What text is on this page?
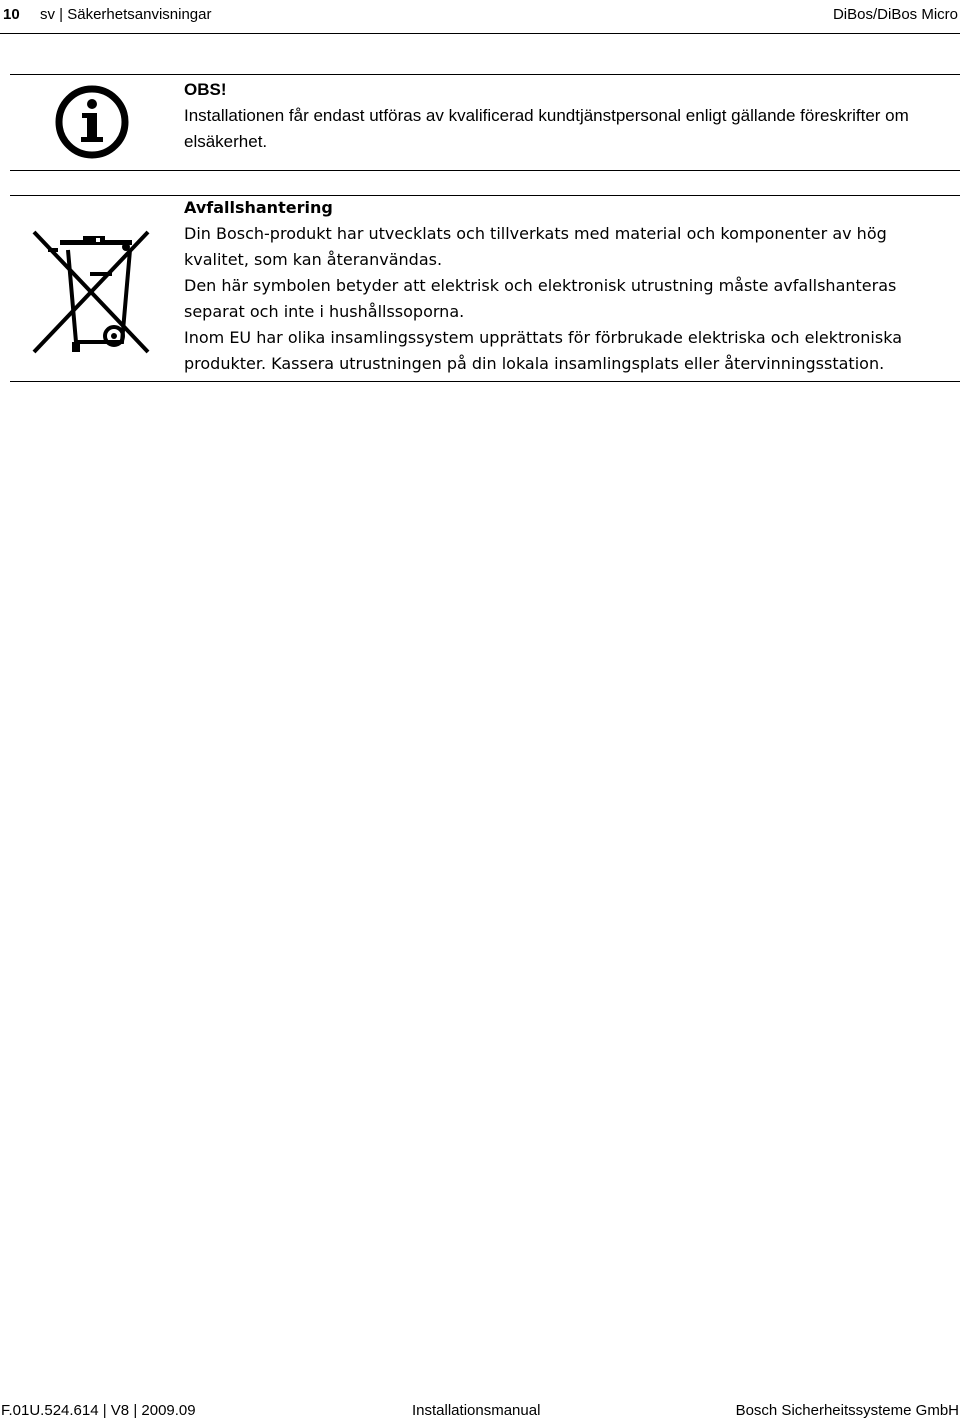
10 sv | Säkerhetsanvisningar	DiBos/DiBos Micro
OBS!
Installationen får endast utföras av kvalificerad kundtjänstpersonal enligt gällande föreskrifter om elsäkerhet.

Avfallshantering

Din Bosch-produkt har utvecklats och tillverkats med material och komponenter av hög kvalitet, som kan återanvändas.

Den här symbolen betyder att elektrisk och elektronisk utrustning måste avfallshanteras separat och inte i hushållssoporna.

Inom EU har olika insamlingssystem upprättats för förbrukade elektriska och elektroniska produkter. Kassera utrustningen på din lokala insamlingsplats eller återvinningsstation.

F.01U.524.614 | V8 | 2009.09	Installationsmanual	Bosch Sicherheitssysteme GmbH
